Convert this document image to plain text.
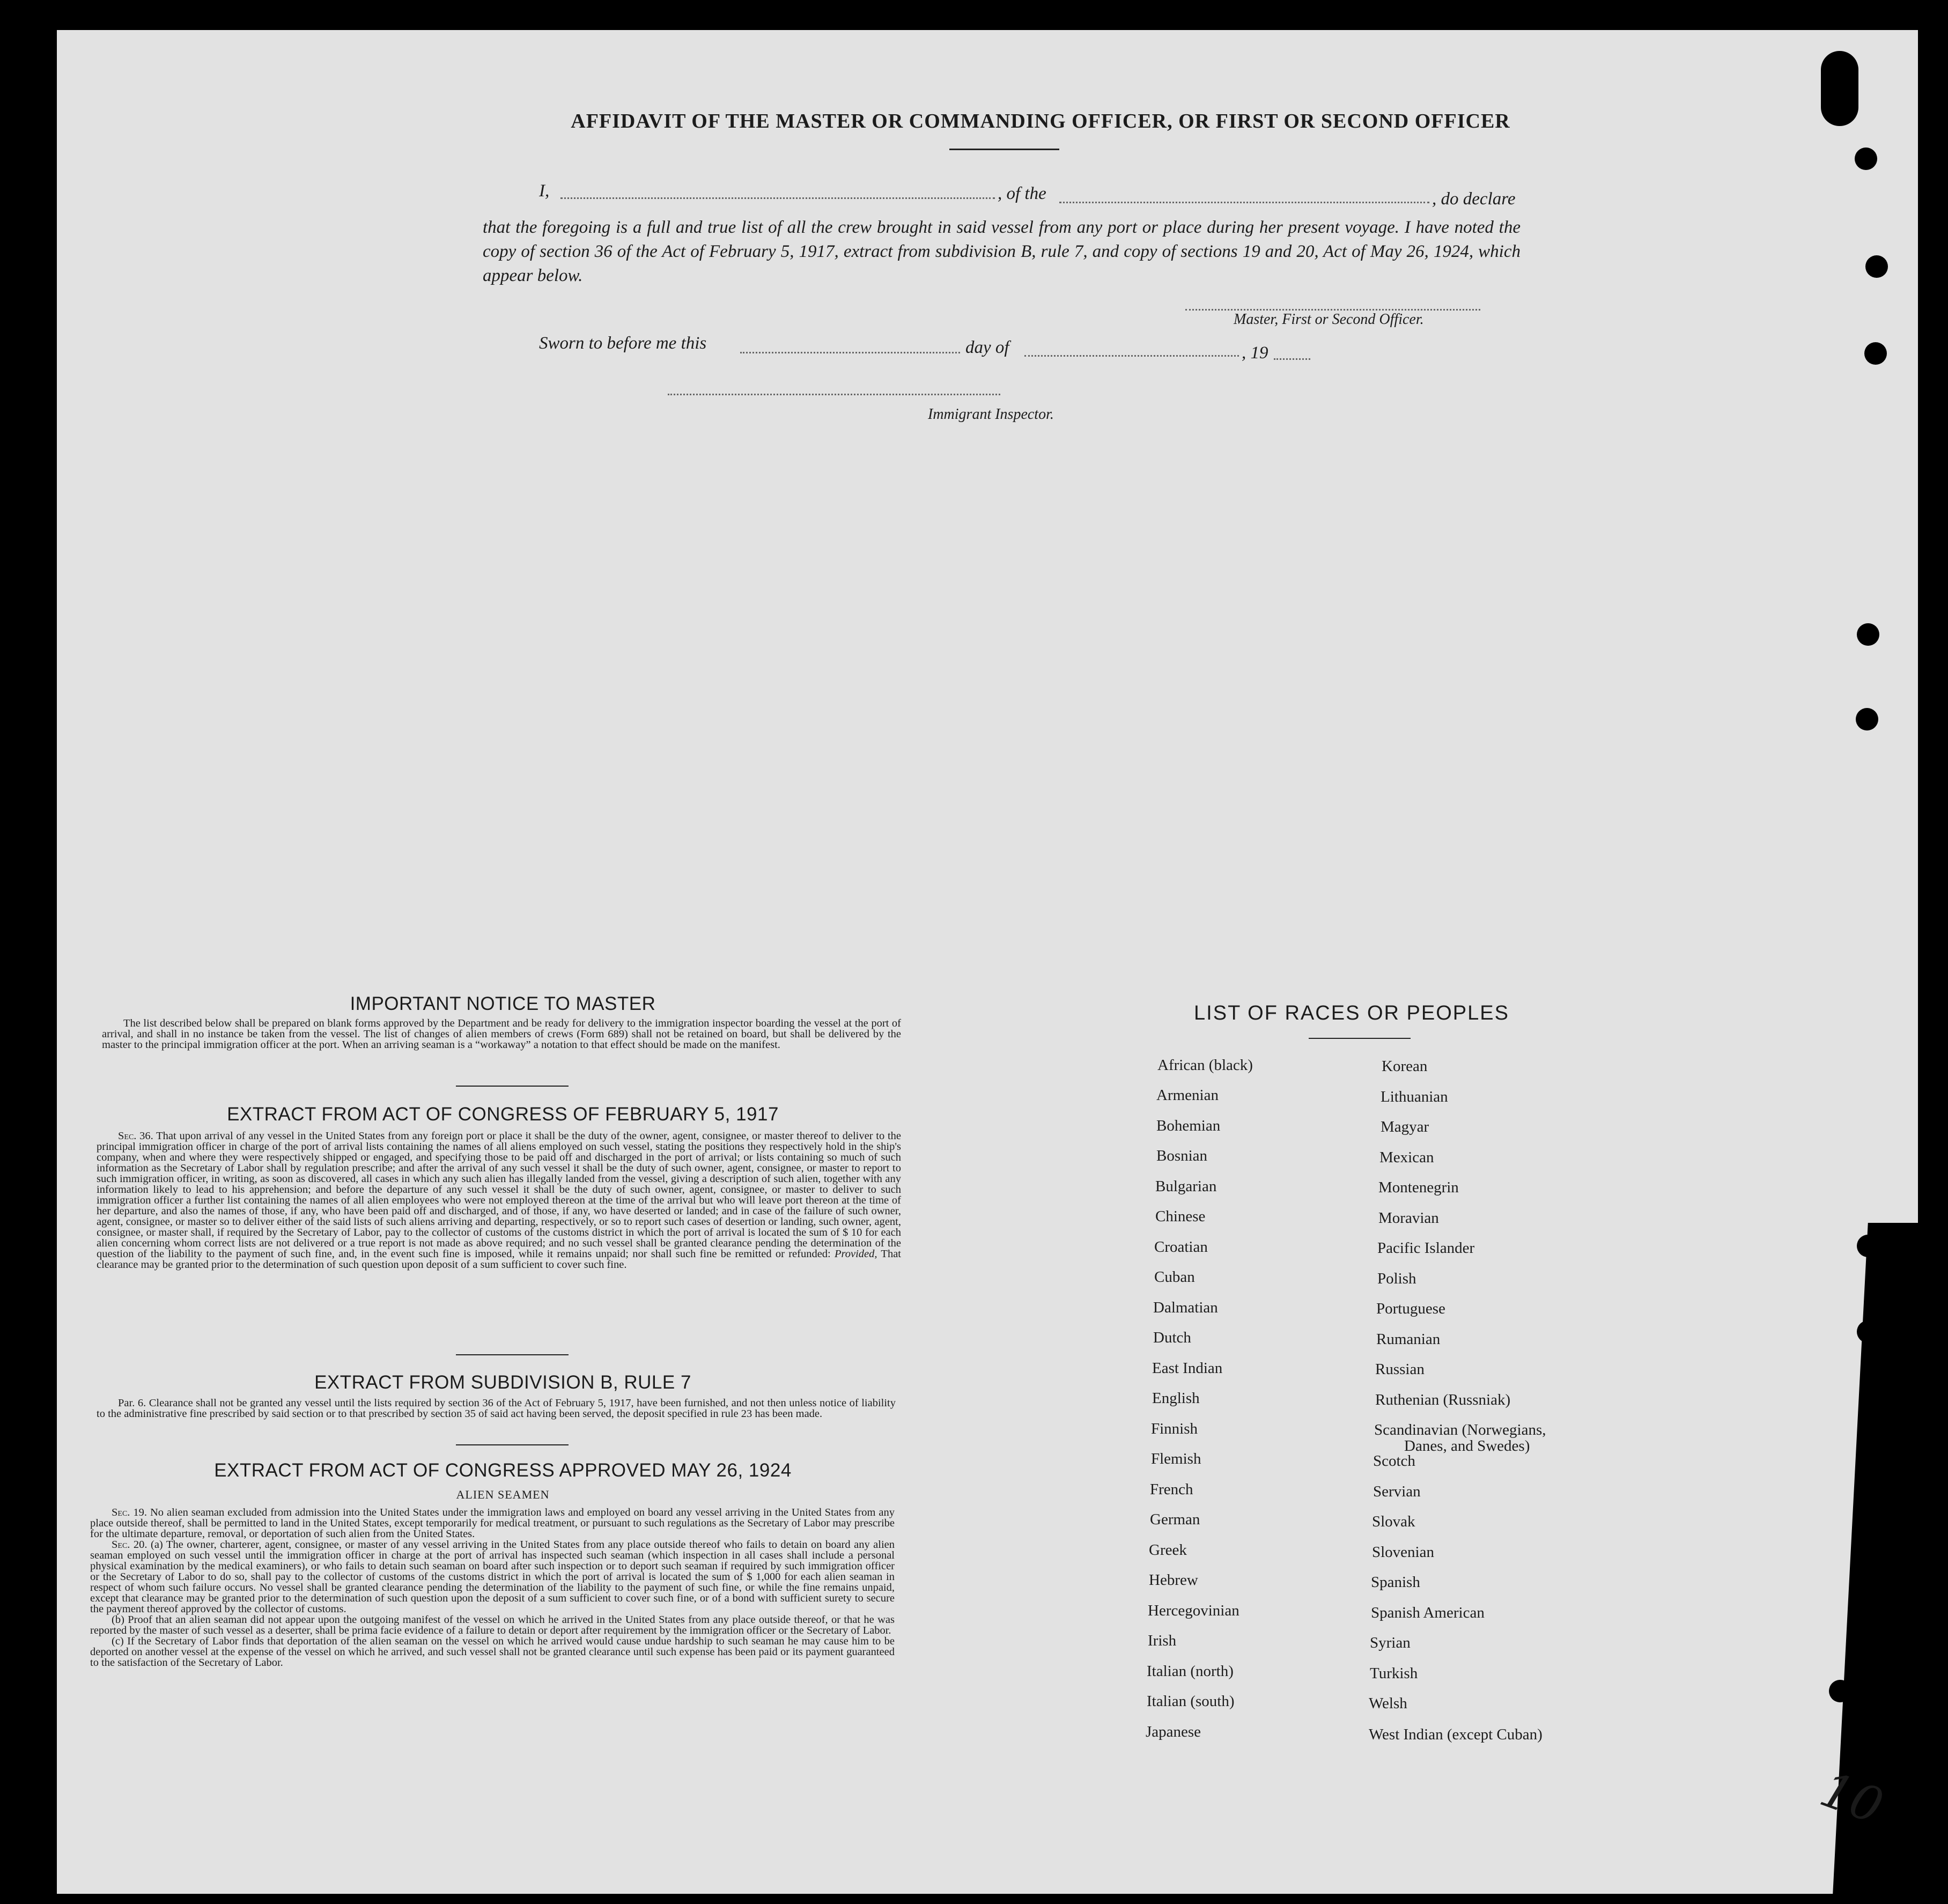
AFFIDAVIT OF THE MASTER OR COMMANDING OFFICER, OR FIRST OR SECOND OFFICER
I,	, of the	, do declare
that the foregoing is a full and true list of all the crew brought in said vessel from any port or place during her present voyage. I have noted the copy of section 36 of the Act of February 5, 1917, extract from subdivision B, rule 7, and copy of sections 19 and 20, Act of May 26, 1924, which appear below.
Master, First or Second Officer.
Sworn to before me this	day of	, 19
Immigrant Inspector.
IMPORTANT NOTICE TO MASTER
The list described below shall be prepared on blank forms approved by the Department and be ready for delivery to the immigration inspector boarding the vessel at the port of arrival, and shall in no instance be taken from the vessel. The list of changes of alien members of crews (Form 689) shall not be retained on board, but shall be delivered by the master to the principal immigration officer at the port. When an arriving seaman is a “workaway” a notation to that effect should be made on the manifest.
EXTRACT FROM ACT OF CONGRESS OF FEBRUARY 5, 1917
Sec. 36. That upon arrival of any vessel in the United States from any foreign port or place it shall be the duty of the owner, agent, consignee, or master thereof to deliver to the principal immigration officer in charge of the port of arrival lists containing the names of all aliens employed on such vessel, stating the positions they respectively hold in the ship's company, when and where they were respectively shipped or engaged, and specifying those to be paid off and discharged in the port of arrival; or lists containing so much of such information as the Secretary of Labor shall by regulation prescribe; and after the arrival of any such vessel it shall be the duty of such owner, agent, consignee, or master to report to such immigration officer, in writing, as soon as discovered, all cases in which any such alien has illegally landed from the vessel, giving a description of such alien, together with any information likely to lead to his apprehension; and before the departure of any such vessel it shall be the duty of such owner, agent, consignee, or master to deliver to such immigration officer a further list containing the names of all alien employees who were not employed thereon at the time of the arrival but who will leave port thereon at the time of her departure, and also the names of those, if any, who have been paid off and discharged, and of those, if any, wo have deserted or landed; and in case of the failure of such owner, agent, consignee, or master so to deliver either of the said lists of such aliens arriving and departing, respectively, or so to report such cases of desertion or landing, such owner, agent, consignee, or master shall, if required by the Secretary of Labor, pay to the collector of customs of the customs district in which the port of arrival is located the sum of $ 10 for each alien concerning whom correct lists are not delivered or a true report is not made as above required; and no such vessel shall be granted clearance pending the determination of the question of the liability to the payment of such fine, and, in the event such fine is imposed, while it remains unpaid; nor shall such fine be remitted or refunded: Provided, That clearance may be granted prior to the determination of such question upon deposit of a sum sufficient to cover such fine.
EXTRACT FROM SUBDIVISION B, RULE 7
Par. 6. Clearance shall not be granted any vessel until the lists required by section 36 of the Act of February 5, 1917, have been furnished, and not then unless notice of liability to the administrative fine prescribed by said section or to that prescribed by section 35 of said act having been served, the deposit specified in rule 23 has been made.
EXTRACT FROM ACT OF CONGRESS APPROVED MAY 26, 1924
ALIEN SEAMEN

Sec. 19. No alien seaman excluded from admission into the United States under the immigration laws and employed on board any vessel arriving in the United States from any place outside thereof, shall be permitted to land in the United States, except temporarily for medical treatment, or pursuant to such regulations as the Secretary of Labor may prescribe for the ultimate departure, removal, or deportation of such alien from the United States.

Sec. 20. (a) The owner, charterer, agent, consignee, or master of any vessel arriving in the United States from any place outside thereof who fails to detain on board any alien seaman employed on such vessel until the immigration officer in charge at the port of arrival has inspected such seaman (which inspection in all cases shall include a personal physical examination by the medical examiners), or who fails to detain such seaman on board after such inspection or to deport such seaman if required by such immigration officer or the Secretary of Labor to do so, shall pay to the collector of customs of the customs district in which the port of arrival is located the sum of $ 1,000 for each alien seaman in respect of whom such failure occurs. No vessel shall be granted clearance pending the determination of the liability to the payment of such fine, or while the fine remains unpaid, except that clearance may be granted prior to the determination of such question upon the deposit of a sum sufficient to cover such fine, or of a bond with sufficient surety to secure the payment thereof approved by the collector of customs.

(b) Proof that an alien seaman did not appear upon the outgoing manifest of the vessel on which he arrived in the United States from any place outside thereof, or that he was reported by the master of such vessel as a deserter, shall be prima facie evidence of a failure to detain or deport after requirement by the immigration officer or the Secretary of Labor.

(c) If the Secretary of Labor finds that deportation of the alien seaman on the vessel on which he arrived would cause undue hardship to such seaman he may cause him to be deported on another vessel at the expense of the vessel on which he arrived, and such vessel shall not be granted clearance until such expense has been paid or its payment guaranteed to the satisfaction of the Secretary of Labor.

LIST OF RACES OR PEOPLES
African (black)
Armenian
Bohemian
Bosnian
Bulgarian
Chinese
Croatian
Cuban
Dalmatian
Dutch
East Indian
English
Finnish
Flemish
French
German
Greek
Hebrew
Hercegovinian
Irish
Italian (north)
Italian (south)
Japanese
Korean
Lithuanian
Magyar
Mexican
Montenegrin
Moravian
Pacific Islander
Polish
Portuguese
Rumanian
Russian
Ruthenian (Russniak)
Scandinavian (Norwegians,
Danes, and Swedes)
Scotch
Servian
Slovak
Slovenian
Spanish
Spanish American
Syrian
Turkish
Welsh
West Indian (except Cuban)
10
